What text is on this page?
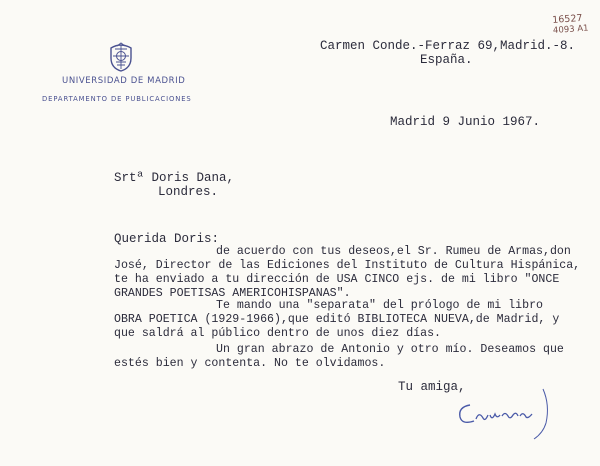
UNIVERSIDAD DE MADRID
DEPARTAMENTO DE PUBLICACIONES
16527
4093 A1
Carmen Conde.-Ferraz 69,Madrid.-8.
España.
Madrid 9 Junio 1967.
Srtª Doris Dana,
Londres.
Querida Doris:
de acuerdo con tus deseos,el Sr. Rumeu de Armas,don
José, Director de las Ediciones del Instituto de Cultura Hispánica,
te ha enviado a tu dirección de USA CINCO ejs. de mi libro "ONCE
GRANDES POETISAS AMERICOHISPANAS".
Te mando una "separata" del prólogo de mi libro
OBRA POETICA (1929-1966),que editó BIBLIOTECA NUEVA,de Madrid, y
que saldrá al público dentro de unos diez días.
Un gran abrazo de Antonio y otro mío. Deseamos que
estés bien y contenta. No te olvidamos.
Tu amiga,
